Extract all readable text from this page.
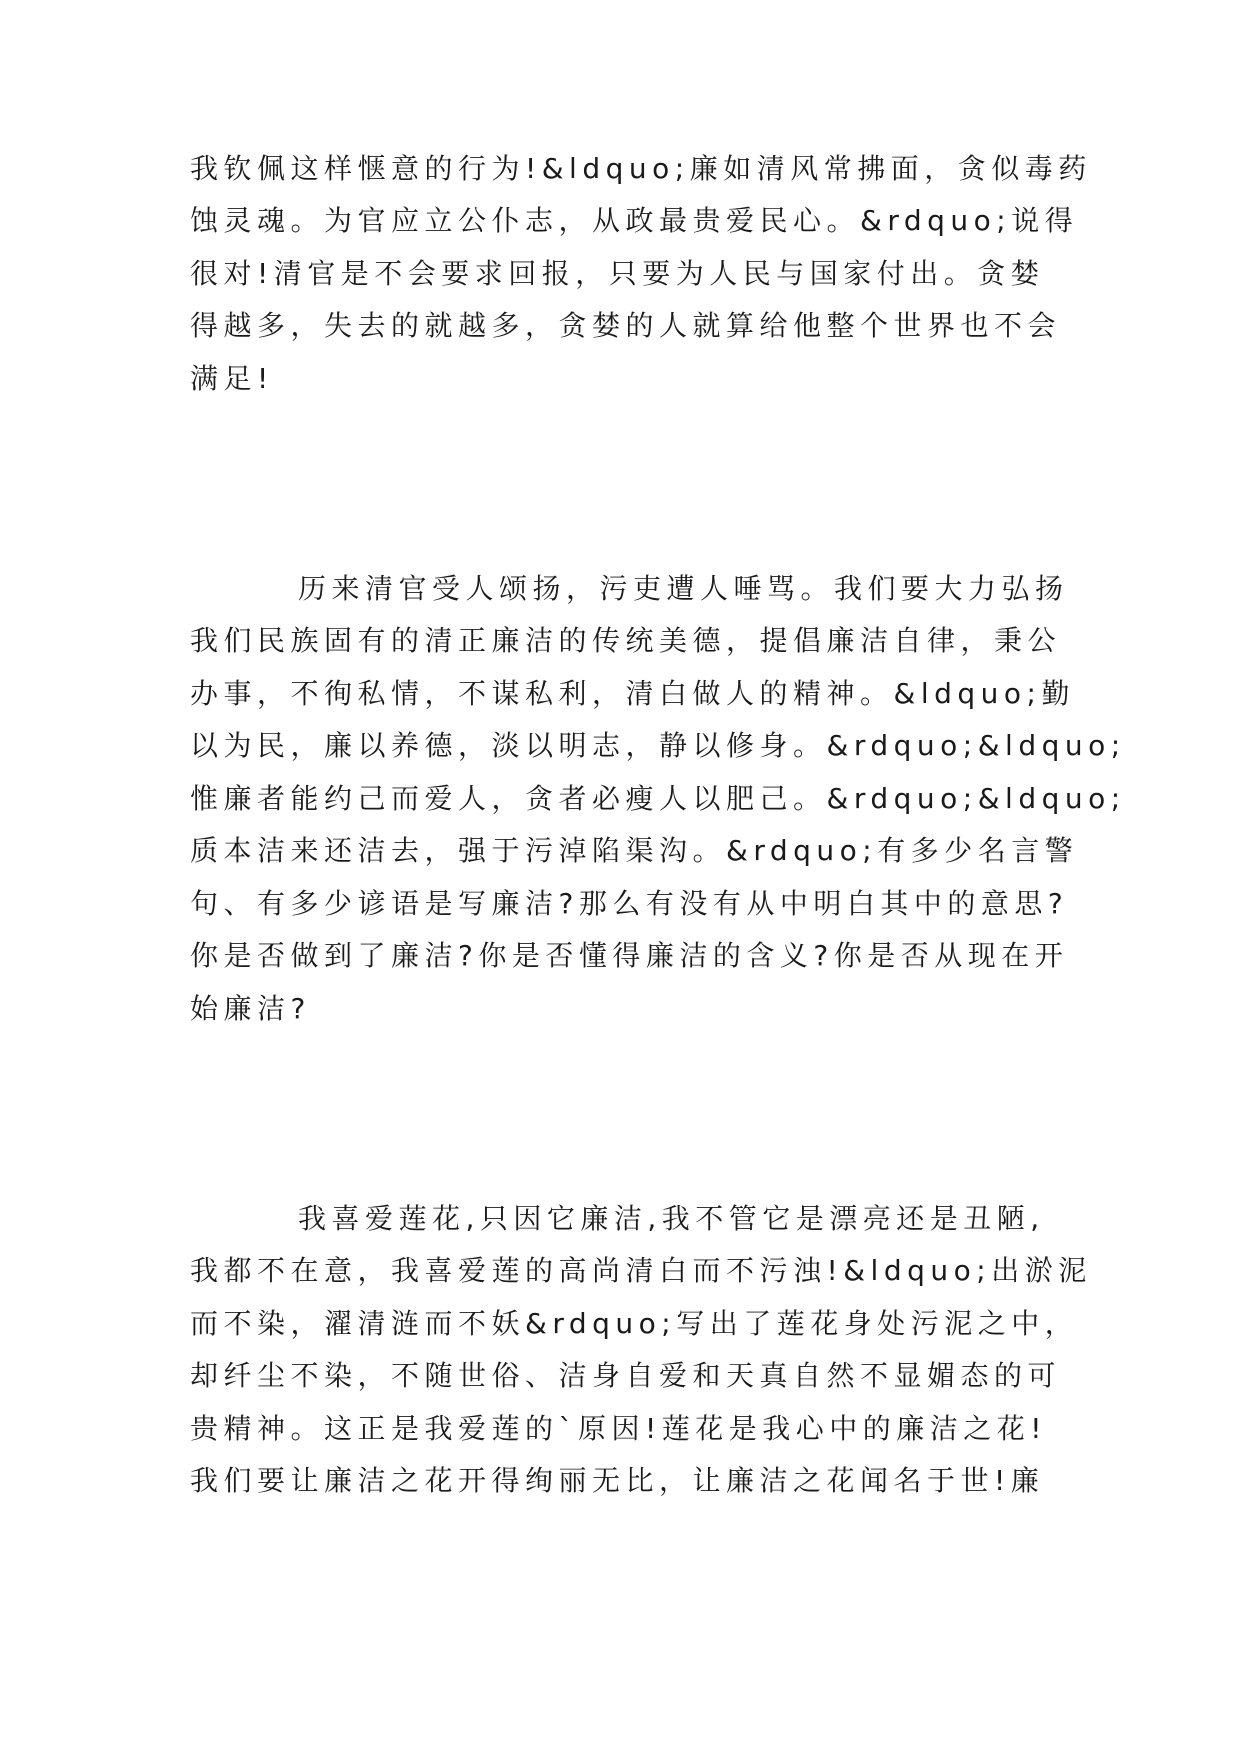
我钦佩这样惬意的行为!&ldquo;廉如清风常拂面，贪似毒药

蚀灵魂。为官应立公仆志，从政最贵爱民心。&rdquo;说得

很对!清官是不会要求回报，只要为人民与国家付出。贪婪

得越多，失去的就越多，贪婪的人就算给他整个世界也不会

满足!

历来清官受人颂扬，污吏遭人唾骂。我们要大力弘扬

我们民族固有的清正廉洁的传统美德，提倡廉洁自律，秉公

办事，不徇私情，不谋私利，清白做人的精神。&ldquo;勤

以为民，廉以养德，淡以明志，静以修身。&rdquo;&ldquo;

惟廉者能约己而爱人，贪者必瘦人以肥己。&rdquo;&ldquo;

质本洁来还洁去，强于污淖陷渠沟。&rdquo;有多少名言警

句、有多少谚语是写廉洁?那么有没有从中明白其中的意思?

你是否做到了廉洁?你是否懂得廉洁的含义?你是否从现在开

始廉洁?

我喜爱莲花,只因它廉洁,我不管它是漂亮还是丑陋,

我都不在意，我喜爱莲的高尚清白而不污浊!&ldquo;出淤泥

而不染，濯清涟而不妖&rdquo;写出了莲花身处污泥之中，

却纤尘不染，不随世俗、洁身自爱和天真自然不显媚态的可

贵精神。这正是我爱莲的`原因!莲花是我心中的廉洁之花!

我们要让廉洁之花开得绚丽无比，让廉洁之花闻名于世!廉
